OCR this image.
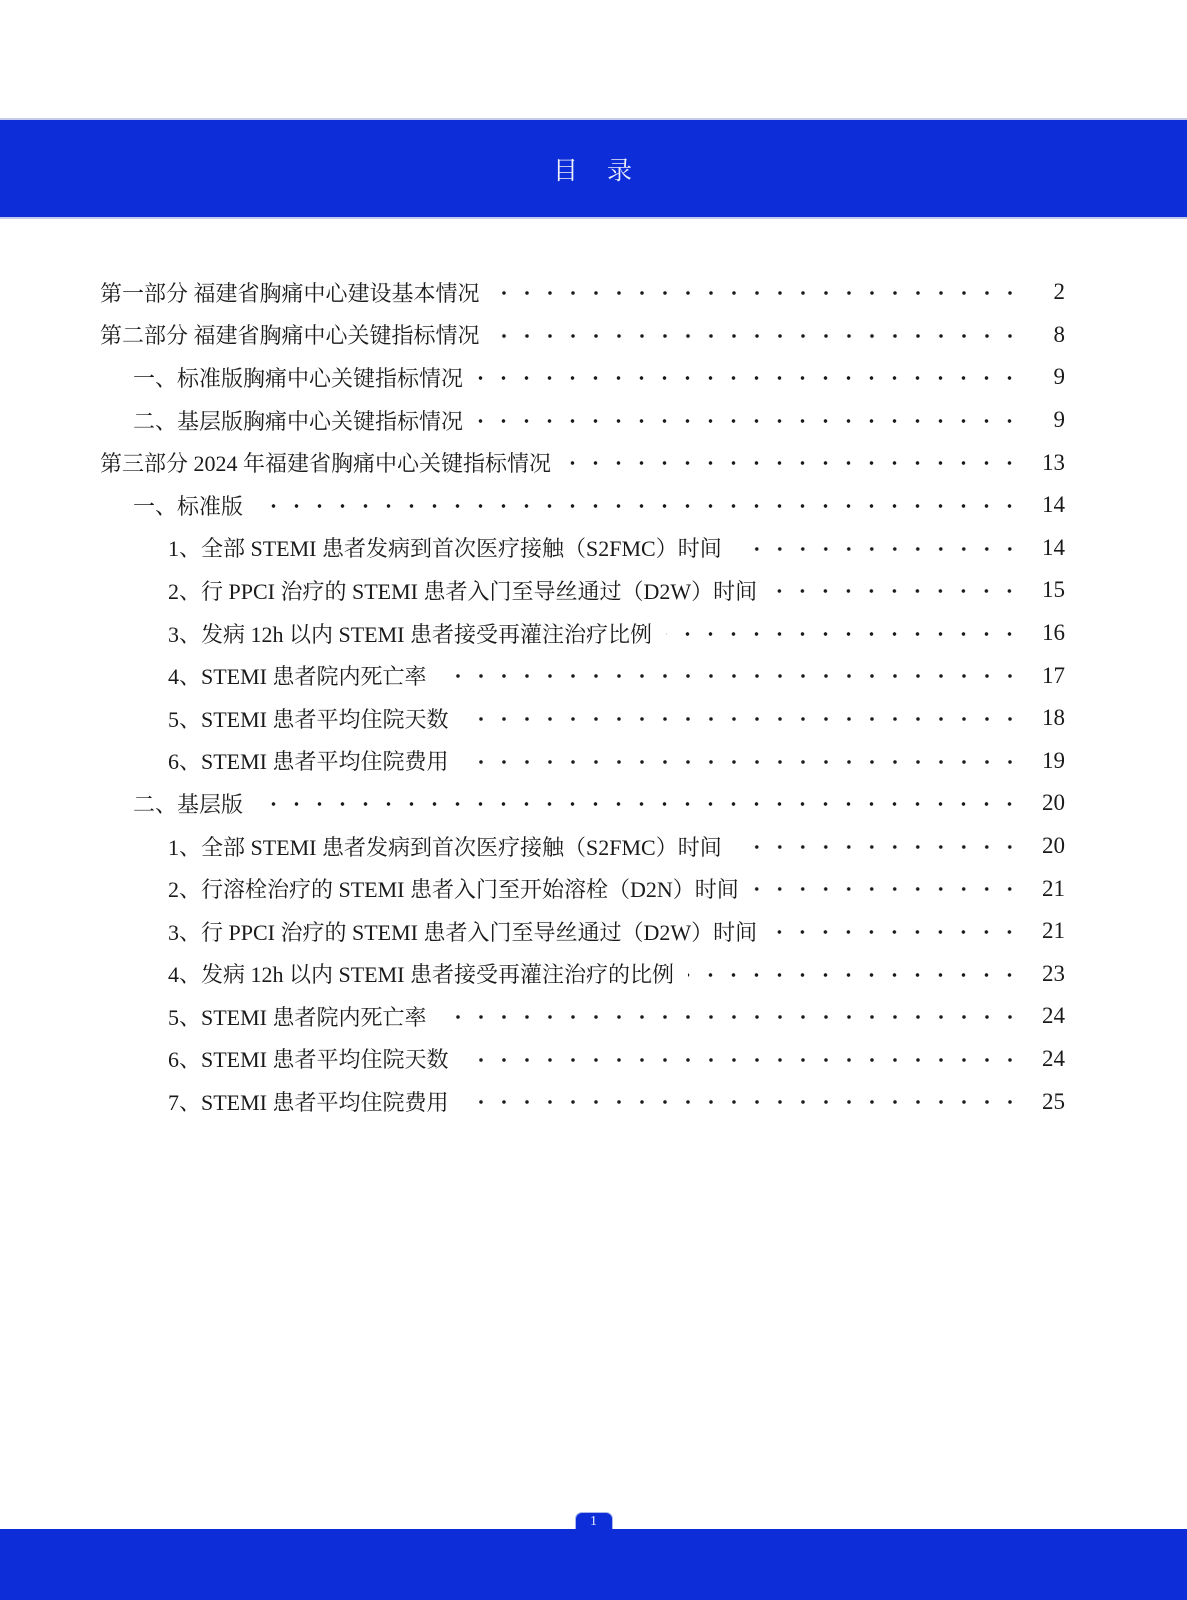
目　录
第一部分 福建省胸痛中心建设基本情况	2
第二部分 福建省胸痛中心关键指标情况	8
一、标准版胸痛中心关键指标情况	9
二、基层版胸痛中心关键指标情况	9
第三部分 2024 年福建省胸痛中心关键指标情况	13
一、标准版	14
1、全部 STEMI 患者发病到首次医疗接触（S2FMC）时间	14
2、行 PPCI 治疗的 STEMI 患者入门至导丝通过（D2W）时间	15
3、发病 12h 以内 STEMI 患者接受再灌注治疗比例	16
4、STEMI 患者院内死亡率	17
5、STEMI 患者平均住院天数	18
6、STEMI 患者平均住院费用	19
二、基层版	20
1、全部 STEMI 患者发病到首次医疗接触（S2FMC）时间	20
2、行溶栓治疗的 STEMI 患者入门至开始溶栓（D2N）时间	21
3、行 PPCI 治疗的 STEMI 患者入门至导丝通过（D2W）时间	21
4、发病 12h 以内 STEMI 患者接受再灌注治疗的比例	23
5、STEMI 患者院内死亡率	24
6、STEMI 患者平均住院天数	24
7、STEMI 患者平均住院费用	25
1
